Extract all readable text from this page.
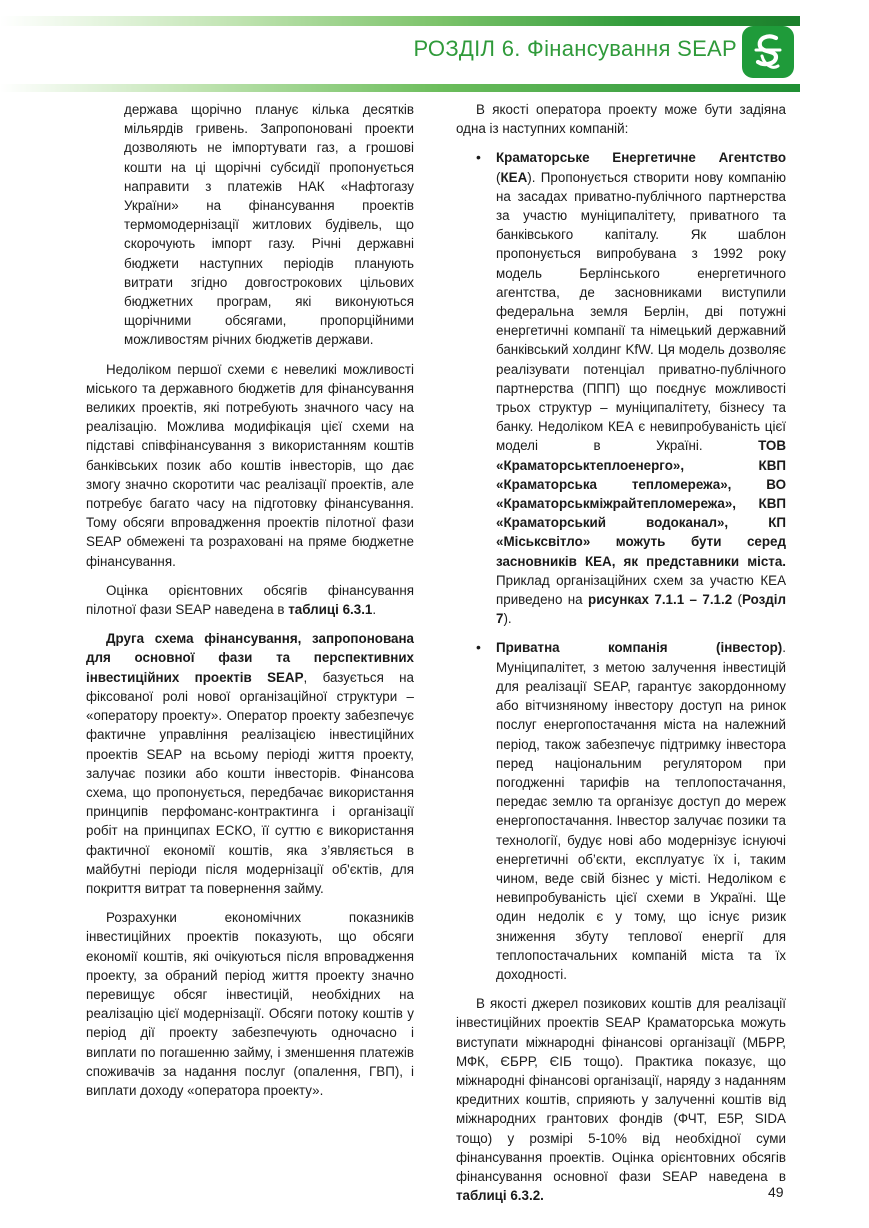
РОЗДІЛ 6. Фінансування SEAP

держава щорічно планує кілька десятків мільярдів гривень. Запропоновані проекти дозволяють не імпортувати газ, а грошові кошти на ці щорічні субсидії пропонується направити з платежів НАК «Нафтогазу України» на фінансування проектів термомодернізації житлових будівель, що скорочують імпорт газу. Річні державні бюджети наступних періодів планують витрати згідно довгострокових цільових бюджетних програм, які виконуються щорічними обсягами, пропорційними можливостям річних бюджетів держави.

Недоліком першої схеми є невеликі можливості міського та державного бюджетів для фінансування великих проектів, які потребують значного часу на реалізацію. Можлива модифікація цієї схеми на підставі співфінансування з використанням коштів банківських позик або коштів інвесторів, що дає змогу значно скоротити час реалізації проектів, але потребує багато часу на підготовку фінансування. Тому обсяги впровадження проектів пілотної фази SEAP обмежені та розраховані на пряме бюджетне фінансування.

Оцінка орієнтовних обсягів фінансування пілотної фази SEAP наведена в таблиці 6.3.1.

Друга схема фінансування, запропонована для основної фази та перспективних інвестиційних проектів SEAP, базується на фіксованої ролі нової організаційної структури – «оператору проекту». Оператор проекту забезпечує фактичне управління реалізацією інвестиційних проектів SEAP на всьому періоді життя проекту, залучає позики або кошти інвесторів. Фінансова схема, що пропонується, передбачає використання принципів перфоманс-контрактинга і організації робіт на принципах ЕСКО, її суттю є використання фактичної економії коштів, яка з’являється в майбутні періоди після модернізації об'єктів, для покриття витрат та повернення займу.

Розрахунки економічних показників інвестиційних проектів показують, що обсяги економії коштів, які очікуються після впровадження проекту, за обраний період життя проекту значно перевищує обсяг інвестицій, необхідних на реалізацію цієї модернізації. Обсяги потоку коштів у період дії проекту забезпечують одночасно і виплати по погашенню займу, і зменшення платежів споживачів за надання послуг (опалення, ГВП), і виплати доходу «оператора проекту».

В якості оператора проекту може бути задіяна одна із наступних компаній:

• Краматорське Енергетичне Агентство (КЕА). Пропонується створити нову компанію на засадах приватно-публічного партнерства за участю муніципалітету, приватного та банківського капіталу. Як шаблон пропонується випробувана з 1992 року модель Берлінського енергетичного агентства, де засновниками виступили федеральна земля Берлін, дві потужні енергетичні компанії та німецький державний банківський холдинг KfW. Ця модель дозволяє реалізувати потенціал приватно-публічного партнерства (ППП) що поєднує можливості трьох структур – муніципалітету, бізнесу та банку. Недоліком КЕА є невипробуваність цієї моделі в Україні. ТОВ «Краматорськтеплоенерго», КВП «Краматорська тепломережа», ВО «Краматорськміжрайтепломережа», КВП «Краматорський водоканал», КП «Міськсвітло» можуть бути серед засновників КЕА, як представники міста. Приклад організаційних схем за участю КЕА приведено на рисунках 7.1.1 – 7.1.2 (Розділ 7).
• Приватна компанія (інвестор). Муніципалітет, з метою залучення інвестицій для реалізації SEAP, гарантує закордонному або вітчизняному інвестору доступ на ринок послуг енергопостачання міста на належний період, також забезпечує підтримку інвестора перед національним регулятором при погодженні тарифів на теплопостачання, передає землю та організує доступ до мереж енергопостачання. Інвестор залучає позики та технології, будує нові або модернізує існуючі енергетичні об’єкти, експлуатує їх і, таким чином, веде свій бізнес у місті. Недоліком є невипробуваність цієї схеми в Україні. Ще один недолік є у тому, що існує ризик зниження збуту теплової енергії для теплопостачальних компаній міста та їх доходності.

В якості джерел позикових коштів для реалізації інвестиційних проектів SEAP Краматорська можуть виступати міжнародні фінансові організації (МБРР, МФК, ЄБРР, ЄІБ тощо). Практика показує, що міжнародні фінансові організації, наряду з наданням кредитних коштів, сприяють у залученні коштів від міжнародних грантових фондів (ФЧТ, Е5Р, SIDA тощо) у розмірі 5-10% від необхідної суми фінансування проектів. Оцінка орієнтовних обсягів фінансування основної фази SEAP наведена в таблиці 6.3.2.	49
